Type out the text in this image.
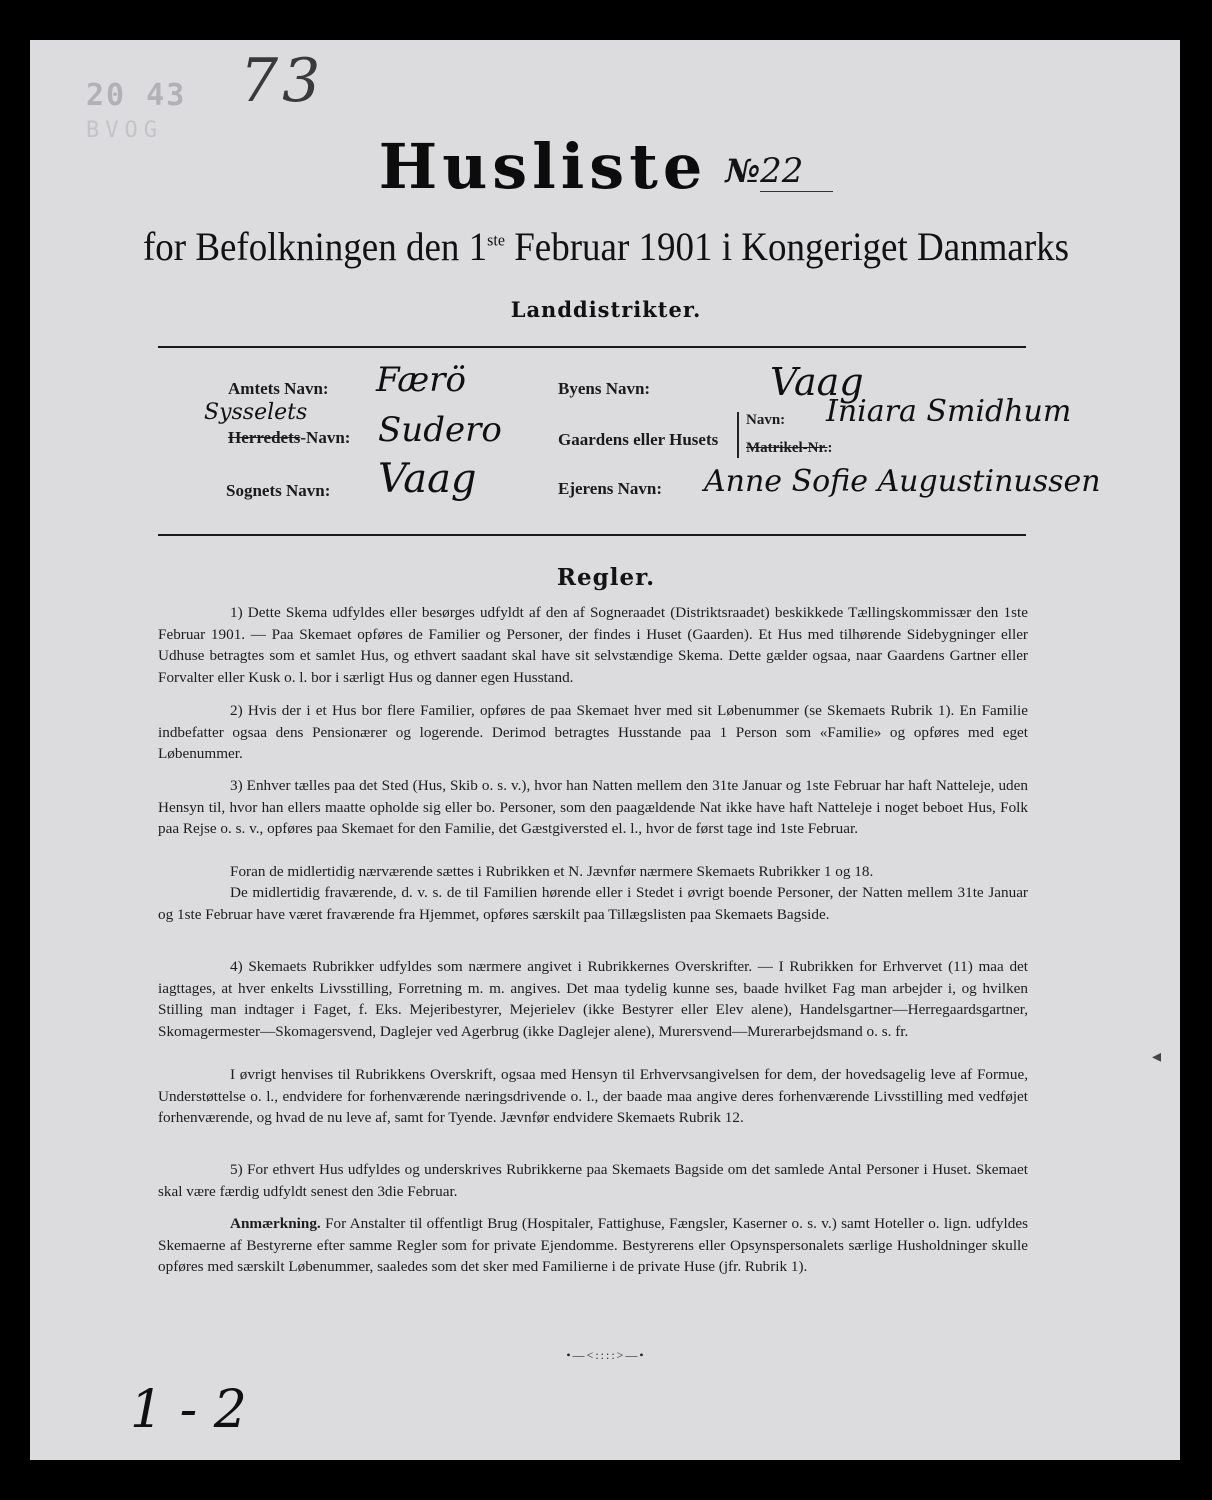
20 43
BVOG
73
Husliste №22
for Befolkningen den 1ste Februar 1901 i Kongeriget Danmarks
Landdistrikter.
Amtets Navn: Færö
Sysselets
Herredets-Navn: Sudero
Sognets Navn: Vaag
Byens Navn:	Vaag
Gaardens eller Husets
Navn: Iniara Smidhum
Matrikel-Nr.:
Ejerens Navn: Anne Sofie Augustinussen
Regler.
1) Dette Skema udfyldes eller besørges udfyldt af den af Sogneraadet (Distriktsraadet) beskikkede Tællingskommissær den 1ste Februar 1901. — Paa Skemaet opføres de Familier og Personer, der findes i Huset (Gaarden). Et Hus med tilhørende Sidebygninger eller Udhuse betragtes som et samlet Hus, og ethvert saadant skal have sit selvstændige Skema. Dette gælder ogsaa, naar Gaardens Gartner eller Forvalter eller Kusk o. l. bor i særligt Hus og danner egen Husstand.
2) Hvis der i et Hus bor flere Familier, opføres de paa Skemaet hver med sit Løbenummer (se Skemaets Rubrik 1). En Familie indbefatter ogsaa dens Pensionærer og logerende. Derimod betragtes Husstande paa 1 Person som «Familie» og opføres med eget Løbenummer.
3) Enhver tælles paa det Sted (Hus, Skib o. s. v.), hvor han Natten mellem den 31te Januar og 1ste Februar har haft Natteleje, uden Hensyn til, hvor han ellers maatte opholde sig eller bo. Personer, som den paagældende Nat ikke have haft Natteleje i noget beboet Hus, Folk paa Rejse o. s. v., opføres paa Skemaet for den Familie, det Gæstgiversted el. l., hvor de først tage ind 1ste Februar.
Foran de midlertidig nærværende sættes i Rubrikken et N. Jævnfør nærmere Skemaets Rubrikker 1 og 18.
De midlertidig fraværende, d. v. s. de til Familien hørende eller i Stedet i øvrigt boende Personer, der Natten mellem 31te Januar og 1ste Februar have været fraværende fra Hjemmet, opføres særskilt paa Tillægslisten paa Skemaets Bagside.
4) Skemaets Rubrikker udfyldes som nærmere angivet i Rubrikkernes Overskrifter. — I Rubrikken for Erhvervet (11) maa det iagttages, at hver enkelts Livsstilling, Forretning m. m. angives. Det maa tydelig kunne ses, baade hvilket Fag man arbejder i, og hvilken Stilling man indtager i Faget, f. Eks. Mejeribestyrer, Mejerielev (ikke Bestyrer eller Elev alene), Handelsgartner—Herregaardsgartner, Skomagermester—Skomagersvend, Daglejer ved Agerbrug (ikke Daglejer alene), Murersvend—Murerarbejdsmand o. s. fr.
I øvrigt henvises til Rubrikkens Overskrift, ogsaa med Hensyn til Erhvervsangivelsen for dem, der hovedsagelig leve af Formue, Understøttelse o. l., endvidere for forhenværende næringsdrivende o. l., der baade maa angive deres forhenværende Livsstilling med vedføjet forhenværende, og hvad de nu leve af, samt for Tyende. Jævnfør endvidere Skemaets Rubrik 12.
5) For ethvert Hus udfyldes og underskrives Rubrikkerne paa Skemaets Bagside om det samlede Antal Personer i Huset. Skemaet skal være færdig udfyldt senest den 3die Februar.
Anmærkning. For Anstalter til offentligt Brug (Hospitaler, Fattighuse, Fængsler, Kaserner o. s. v.) samt Hoteller o. lign. udfyldes Skemaerne af Bestyrerne efter samme Regler som for private Ejendomme. Bestyrerens eller Opsynspersonalets særlige Husholdninger skulle opføres med særskilt Løbenummer, saaledes som det sker med Familierne i de private Huse (jfr. Rubrik 1).
•—<::::>—•
◂
1 - 2
